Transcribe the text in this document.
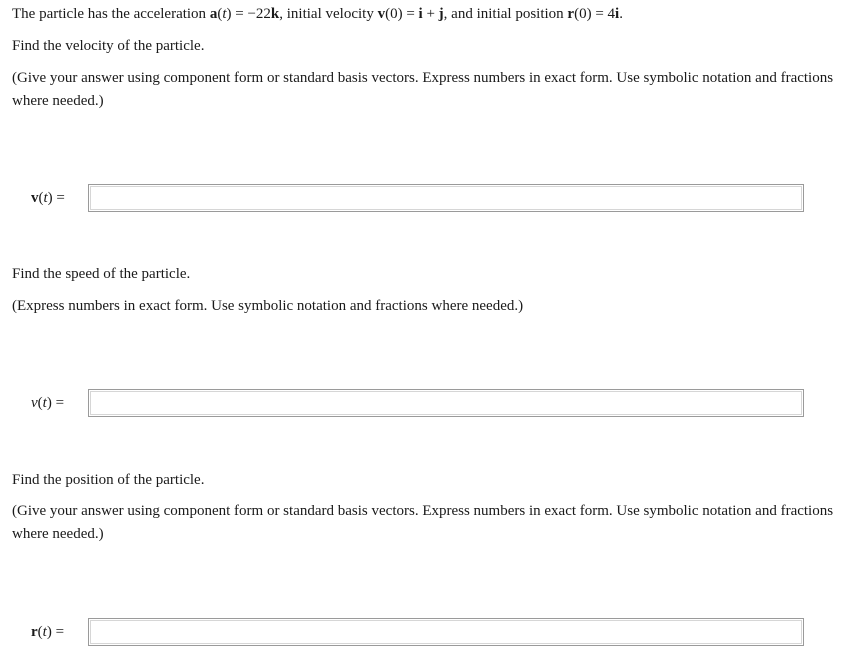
The particle has the acceleration a(t) = −22k, initial velocity v(0) = i + j, and initial position r(0) = 4i.
Find the velocity of the particle.
(Give your answer using component form or standard basis vectors. Express numbers in exact form. Use symbolic notation and fractions where needed.)
v(t) =
Find the speed of the particle.
(Express numbers in exact form. Use symbolic notation and fractions where needed.)
v(t) =
Find the position of the particle.
(Give your answer using component form or standard basis vectors. Express numbers in exact form. Use symbolic notation and fractions where needed.)
r(t) =
